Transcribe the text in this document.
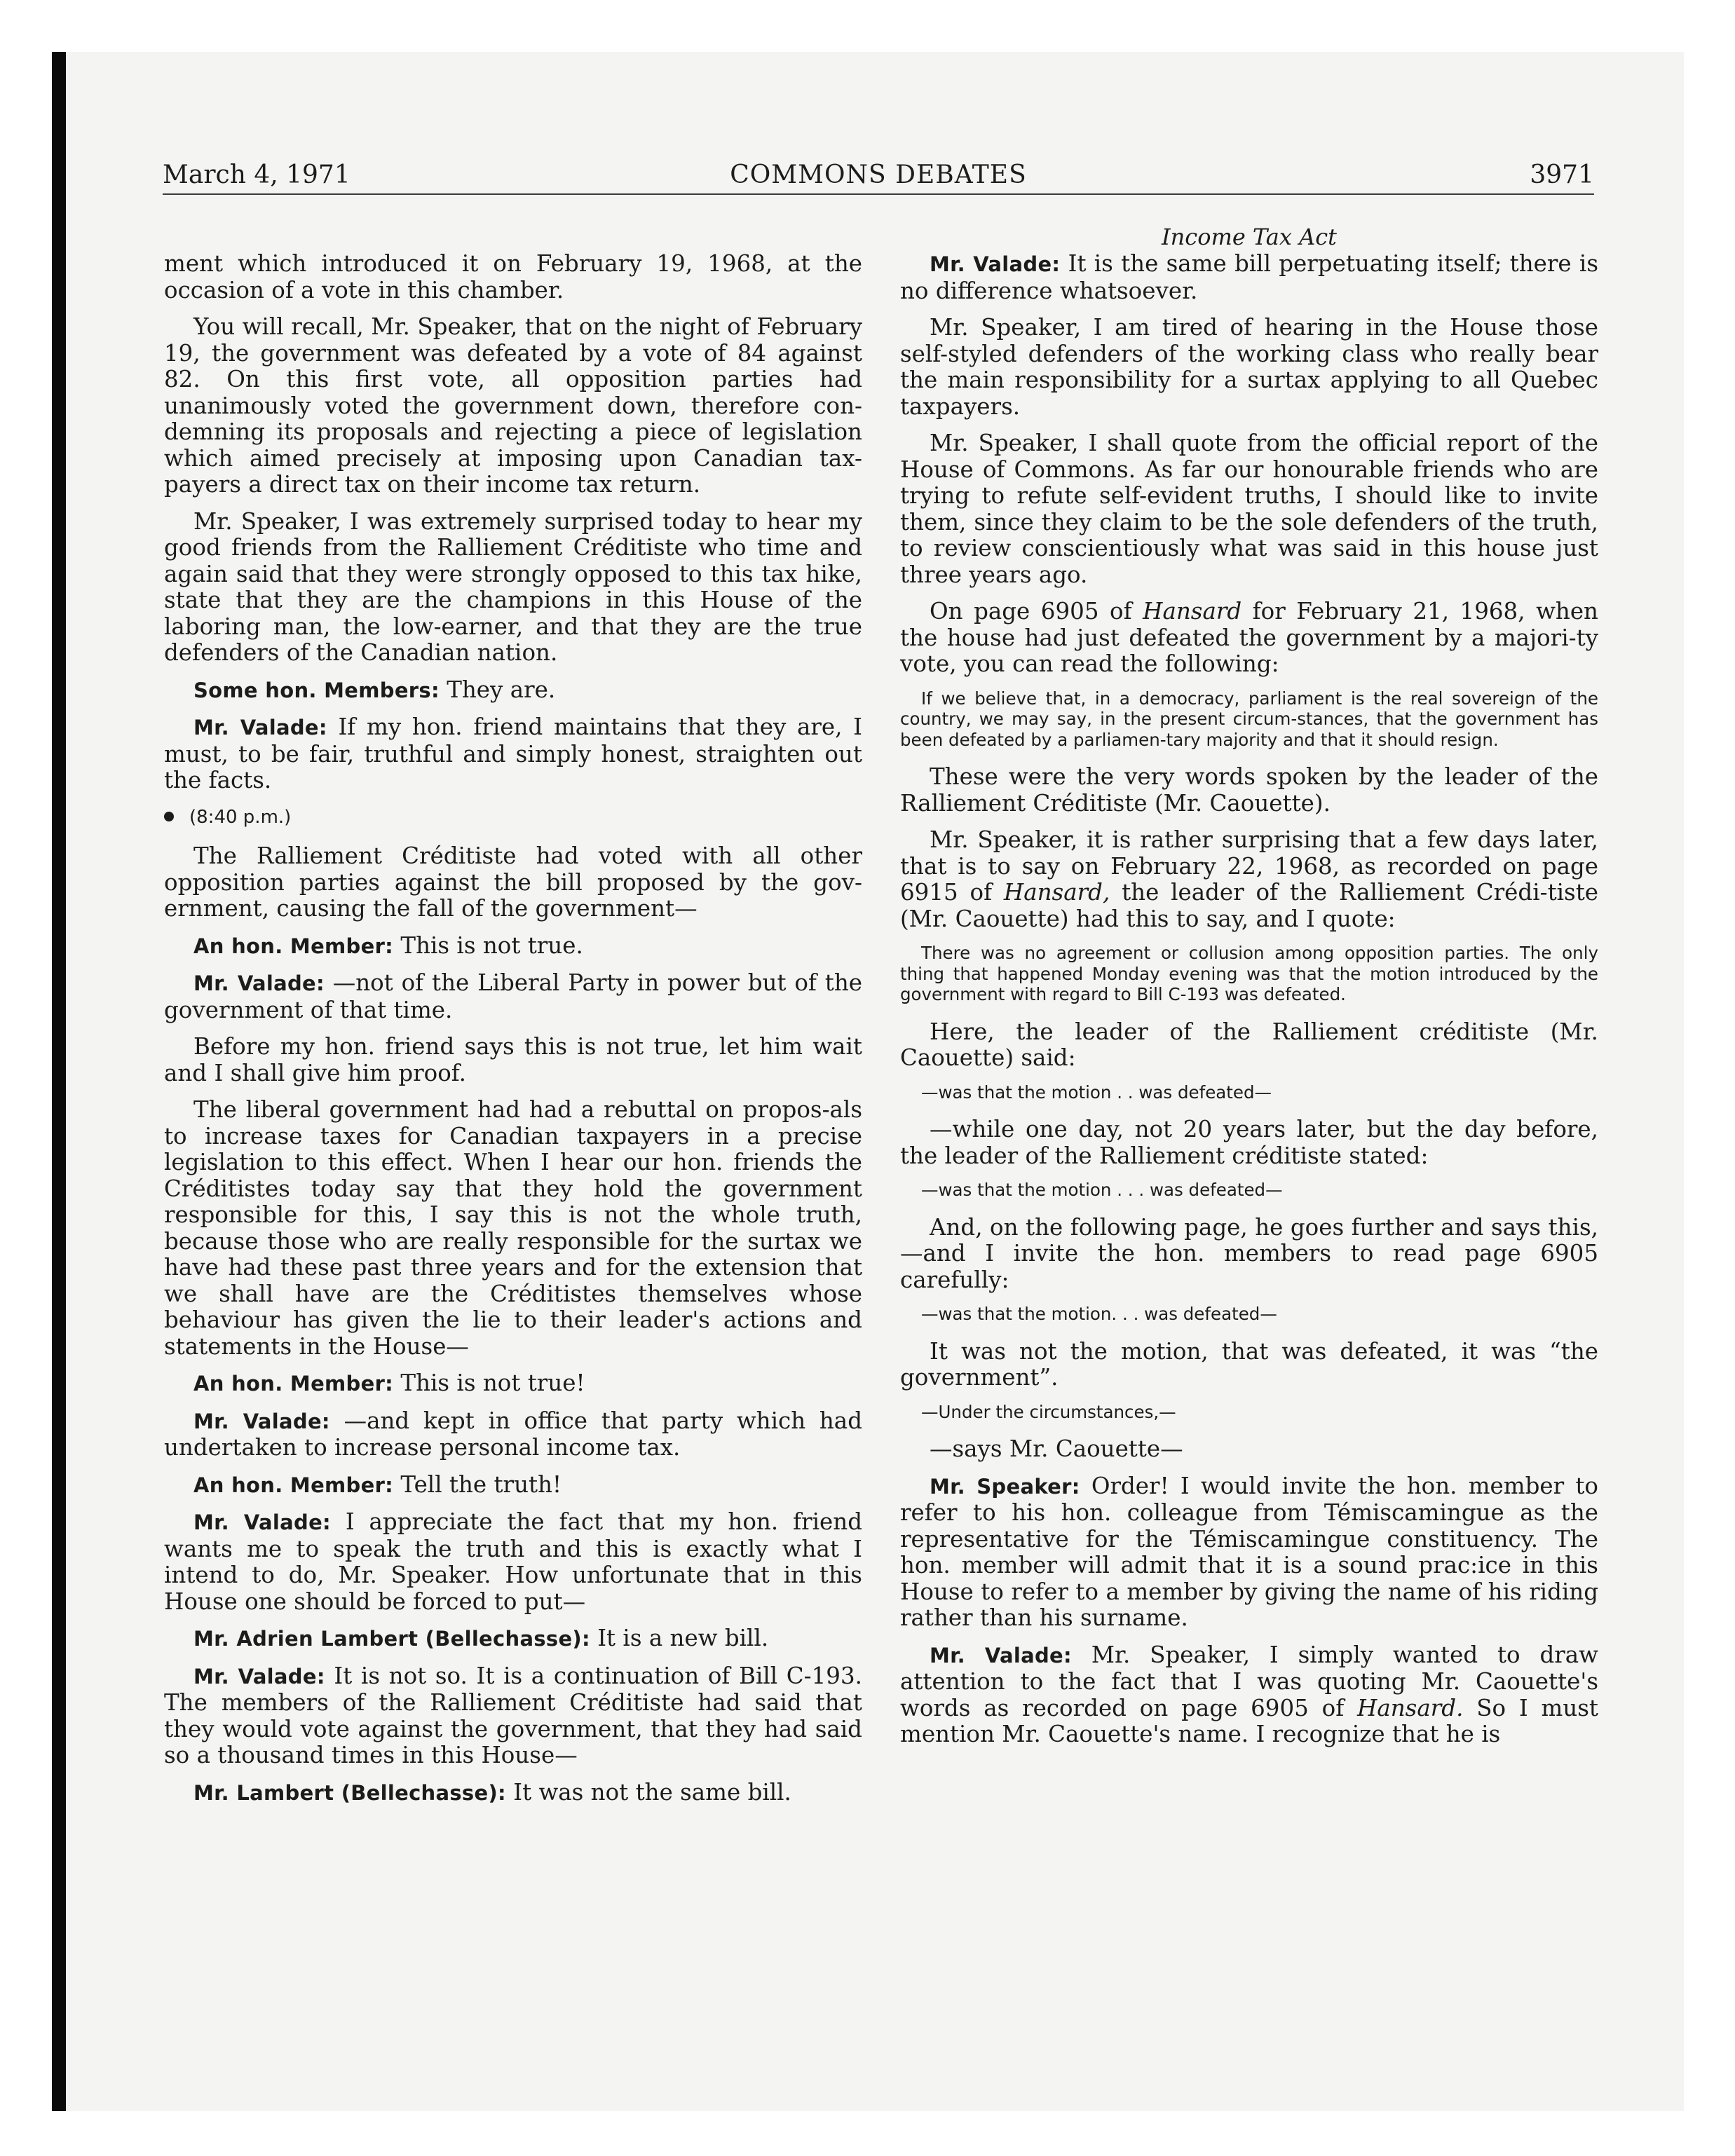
March 4, 1971	COMMONS DEBATES	3971

ment which introduced it on February 19, 1968, at the occasion of a vote in this chamber.

You will recall, Mr. Speaker, that on the night of February 19, the government was defeated by a vote of 84 against 82. On this first vote, all opposition parties had unanimously voted the government down, therefore con-demning its proposals and rejecting a piece of legislation which aimed precisely at imposing upon Canadian tax-payers a direct tax on their income tax return.

Mr. Speaker, I was extremely surprised today to hear my good friends from the Ralliement Créditiste who time and again said that they were strongly opposed to this tax hike, state that they are the champions in this House of the laboring man, the low-earner, and that they are the true defenders of the Canadian nation.

Some hon. Members: They are.

Mr. Valade: If my hon. friend maintains that they are, I must, to be fair, truthful and simply honest, straighten out the facts.

(8:40 p.m.)

The Ralliement Créditiste had voted with all other opposition parties against the bill proposed by the gov-ernment, causing the fall of the government—

An hon. Member: This is not true.

Mr. Valade: —not of the Liberal Party in power but of the government of that time.

Before my hon. friend says this is not true, let him wait and I shall give him proof.

The liberal government had had a rebuttal on propos-als to increase taxes for Canadian taxpayers in a precise legislation to this effect. When I hear our hon. friends the Créditistes today say that they hold the government responsible for this, I say this is not the whole truth, because those who are really responsible for the surtax we have had these past three years and for the extension that we shall have are the Créditistes themselves whose behaviour has given the lie to their leader's actions and statements in the House—

An hon. Member: This is not true!

Mr. Valade: —and kept in office that party which had undertaken to increase personal income tax.

An hon. Member: Tell the truth!

Mr. Valade: I appreciate the fact that my hon. friend wants me to speak the truth and this is exactly what I intend to do, Mr. Speaker. How unfortunate that in this House one should be forced to put—

Mr. Adrien Lambert (Bellechasse): It is a new bill.

Mr. Valade: It is not so. It is a continuation of Bill C-193. The members of the Ralliement Créditiste had said that they would vote against the government, that they had said so a thousand times in this House—

Mr. Lambert (Bellechasse): It was not the same bill.

Income Tax Act

Mr. Valade: It is the same bill perpetuating itself; there is no difference whatsoever.

Mr. Speaker, I am tired of hearing in the House those self-styled defenders of the working class who really bear the main responsibility for a surtax applying to all Quebec taxpayers.

Mr. Speaker, I shall quote from the official report of the House of Commons. As far our honourable friends who are trying to refute self-evident truths, I should like to invite them, since they claim to be the sole defenders of the truth, to review conscientiously what was said in this house just three years ago.

On page 6905 of Hansard for February 21, 1968, when the house had just defeated the government by a majori-ty vote, you can read the following:

If we believe that, in a democracy, parliament is the real sovereign of the country, we may say, in the present circum-stances, that the government has been defeated by a parliamen-tary majority and that it should resign.

These were the very words spoken by the leader of the Ralliement Créditiste (Mr. Caouette).

Mr. Speaker, it is rather surprising that a few days later, that is to say on February 22, 1968, as recorded on page 6915 of Hansard, the leader of the Ralliement Crédi-tiste (Mr. Caouette) had this to say, and I quote:

There was no agreement or collusion among opposition parties. The only thing that happened Monday evening was that the motion introduced by the government with regard to Bill C-193 was defeated.

Here, the leader of the Ralliement créditiste (Mr. Caouette) said:

—was that the motion . . was defeated—

—while one day, not 20 years later, but the day before, the leader of the Ralliement créditiste stated:

—was that the motion . . . was defeated—

And, on the following page, he goes further and says this,—and I invite the hon. members to read page 6905 carefully:

—was that the motion. . . was defeated—

It was not the motion, that was defeated, it was “the government”.

—Under the circumstances,—

—says Mr. Caouette—

Mr. Speaker: Order! I would invite the hon. member to refer to his hon. colleague from Témiscamingue as the representative for the Témiscamingue constituency. The hon. member will admit that it is a sound prac:ice in this House to refer to a member by giving the name of his riding rather than his surname.

Mr. Valade: Mr. Speaker, I simply wanted to draw attention to the fact that I was quoting Mr. Caouette's words as recorded on page 6905 of Hansard. So I must mention Mr. Caouette's name. I recognize that he is
